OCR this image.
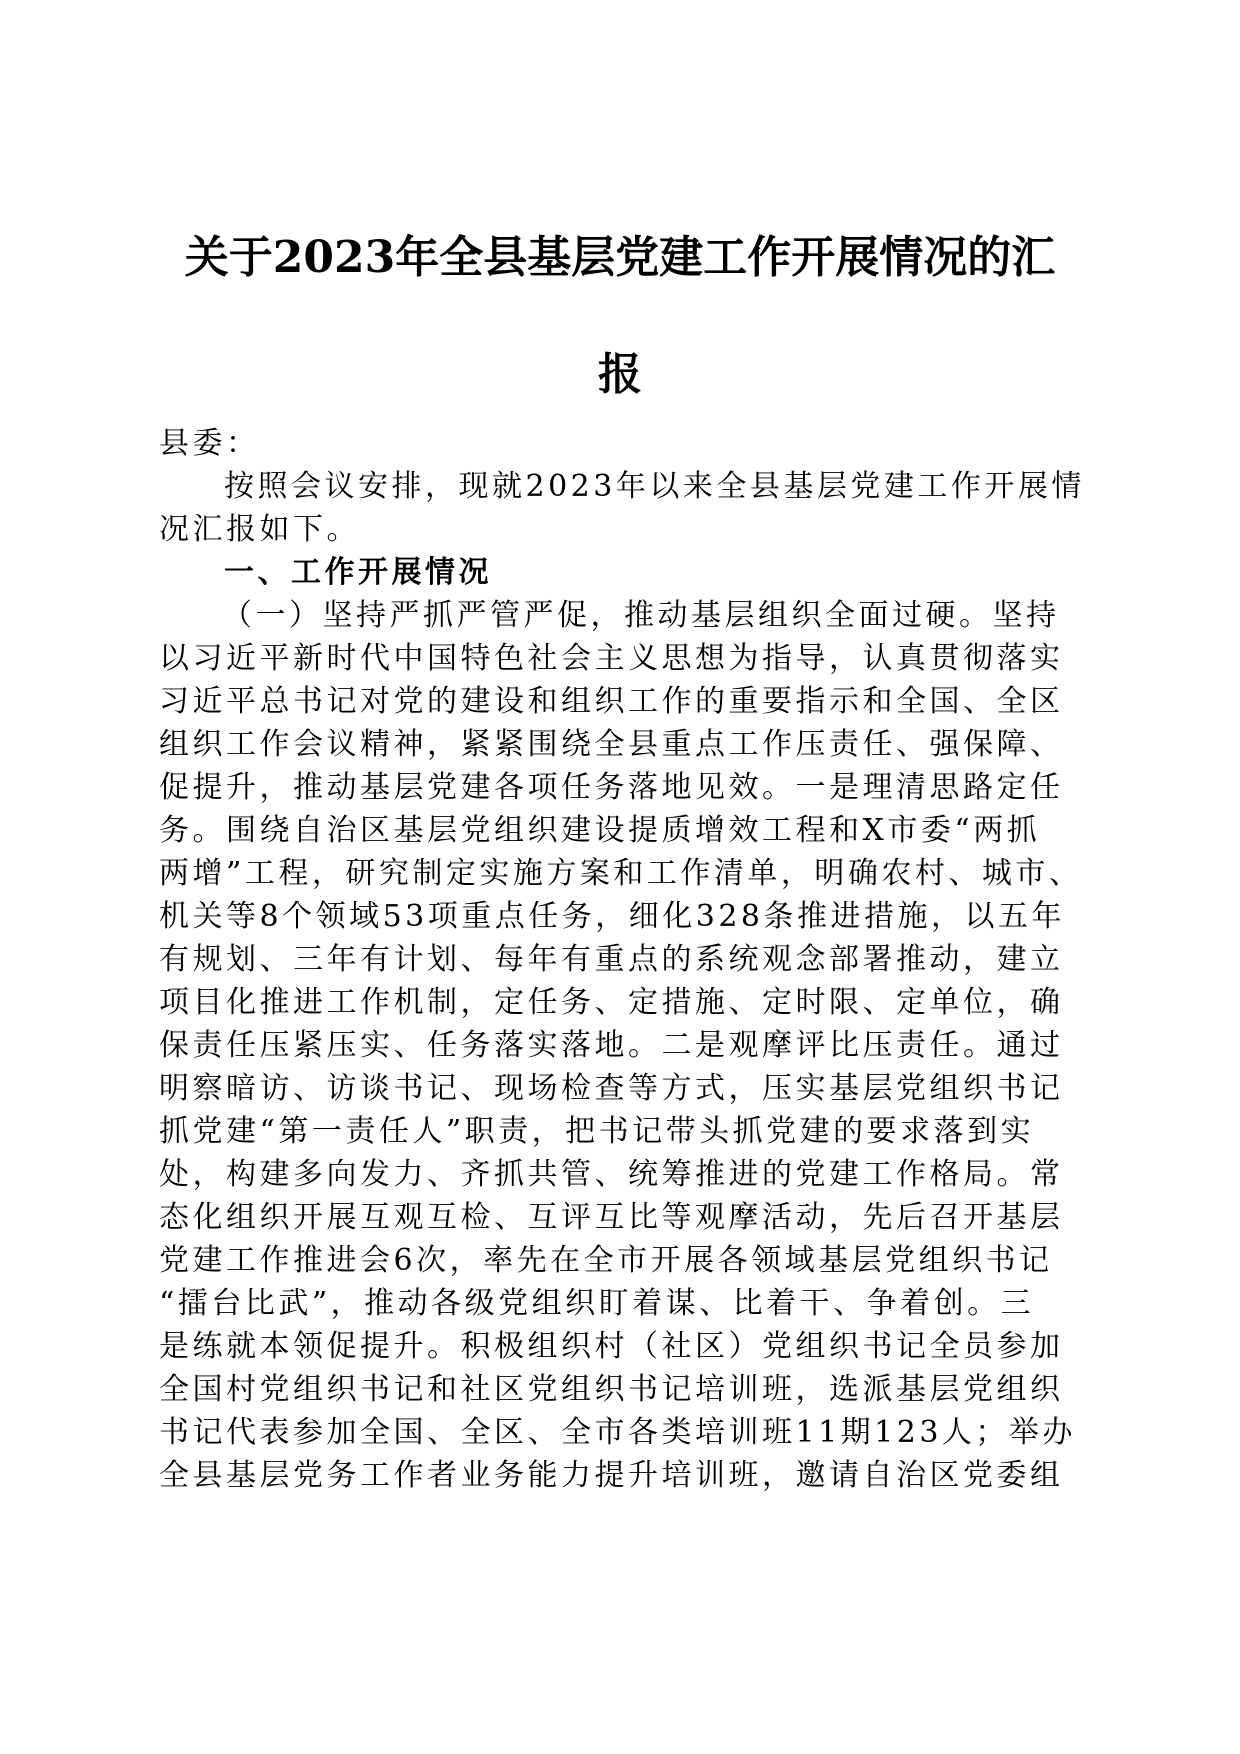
关于2023年全县基层党建工作开展情况的汇
报

县委：

按照会议安排，现就2023年以来全县基层党建工作开展情

况汇报如下。

一、工作开展情况

（一）坚持严抓严管严促，推动基层组织全面过硬。坚持

以习近平新时代中国特色社会主义思想为指导，认真贯彻落实

习近平总书记对党的建设和组织工作的重要指示和全国、全区

组织工作会议精神，紧紧围绕全县重点工作压责任、强保障、

促提升，推动基层党建各项任务落地见效。一是理清思路定任

务。围绕自治区基层党组织建设提质增效工程和X市委“两抓

两增”工程，研究制定实施方案和工作清单，明确农村、城市、

机关等8个领域53项重点任务，细化328条推进措施，以五年

有规划、三年有计划、每年有重点的系统观念部署推动，建立

项目化推进工作机制，定任务、定措施、定时限、定单位，确

保责任压紧压实、任务落实落地。二是观摩评比压责任。通过

明察暗访、访谈书记、现场检查等方式，压实基层党组织书记

抓党建“第一责任人”职责，把书记带头抓党建的要求落到实

处，构建多向发力、齐抓共管、统筹推进的党建工作格局。常

态化组织开展互观互检、互评互比等观摩活动，先后召开基层

党建工作推进会6次，率先在全市开展各领域基层党组织书记

“擂台比武”，推动各级党组织盯着谋、比着干、争着创。三

是练就本领促提升。积极组织村（社区）党组织书记全员参加

全国村党组织书记和社区党组织书记培训班，选派基层党组织

书记代表参加全国、全区、全市各类培训班11期123人；举办

全县基层党务工作者业务能力提升培训班，邀请自治区党委组
